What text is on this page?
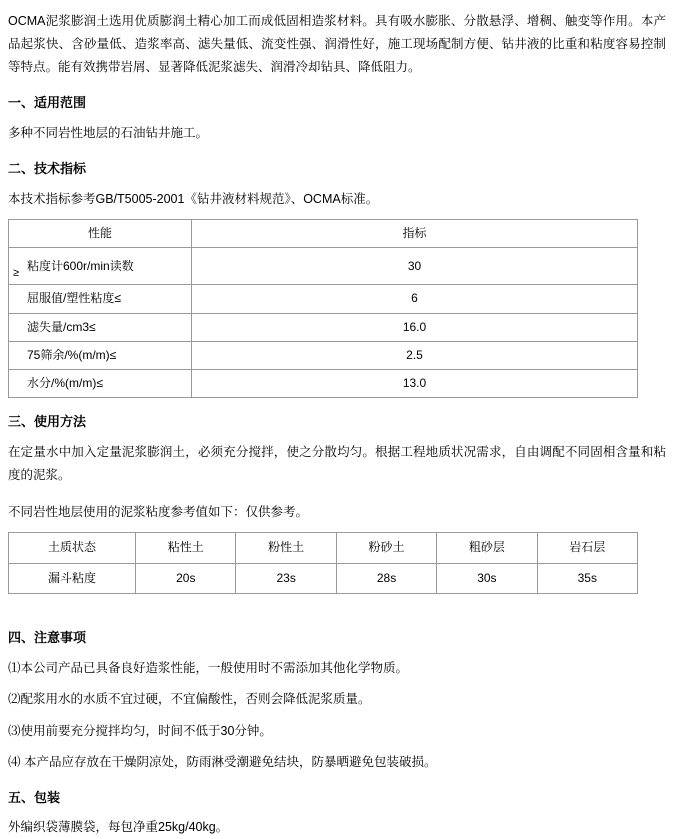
OCMA泥浆膨润土选用优质膨润土精心加工而成低固相造浆材料。具有吸水膨胀、分散悬浮、增稠、触变等作用。本产品起浆快、含砂量低、造浆率高、滤失量低、流变性强、润滑性好，施工现场配制方便、钻井液的比重和粘度容易控制等特点。能有效携带岩屑、显著降低泥浆滤失、润滑冷却钻具、降低阻力。

一、适用范围

多种不同岩性地层的石油钻井施工。

二、技术指标

本技术指标参考GB/T5005-2001《钻井液材料规范》、OCMA标准。

性能	指标
≥ 粘度计600r/min读数	30
屈服值/塑性粘度≤	6
滤失量/cm3≤	16.0
75筛余/%(m/m)≤	2.5
水分/%(m/m)≤	13.0
三、使用方法

在定量水中加入定量泥浆膨润土，必须充分搅拌，使之分散均匀。根据工程地质状况需求，自由调配不同固相含量和粘度的泥浆。

不同岩性地层使用的泥浆粘度参考值如下：仅供参考。

土质状态	粘性土	粉性土	粉砂土	粗砂层	岩石层
漏斗粘度	20s	23s	28s	30s	35s
四、注意事项

⑴本公司产品已具备良好造浆性能，一般使用时不需添加其他化学物质。

⑵配浆用水的水质不宜过硬，不宜偏酸性，否则会降低泥浆质量。

⑶使用前要充分搅拌均匀，时间不低于30分钟。

⑷ 本产品应存放在干燥阴凉处，防雨淋受潮避免结块，防暴晒避免包装破损。

五、包装

外编织袋薄膜袋，每包净重25kg/40kg。
